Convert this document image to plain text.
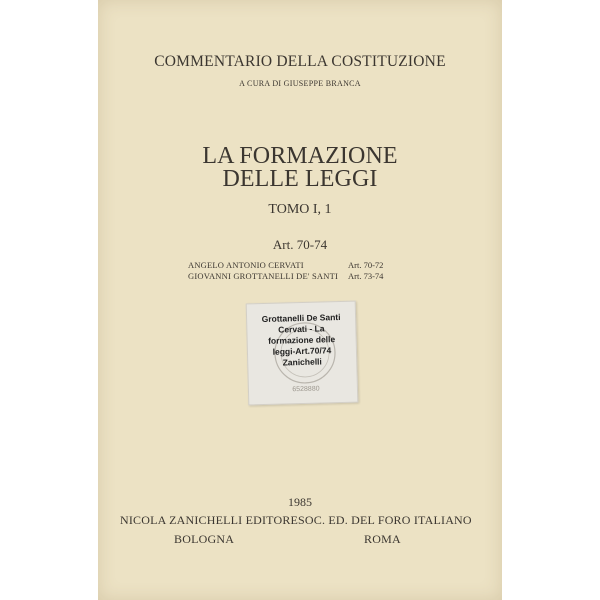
COMMENTARIO DELLA COSTITUZIONE

A CURA DI GIUSEPPE BRANCA

LA FORMAZIONE

DELLE LEGGI

TOMO I, 1

Art. 70-74

ANGELO ANTONIO CERVATI	Art. 70-72
GIOVANNI GROTTANELLI DE' SANTI Art. 73-74
6528880
Grottanelli De Santi
Cervati - La
formazione delle
leggi-Art.70/74
Zanichelli

1985

NICOLA ZANICHELLI EDITORE SOC. ED. DEL FORO ITALIANO
BOLOGNA	ROMA
